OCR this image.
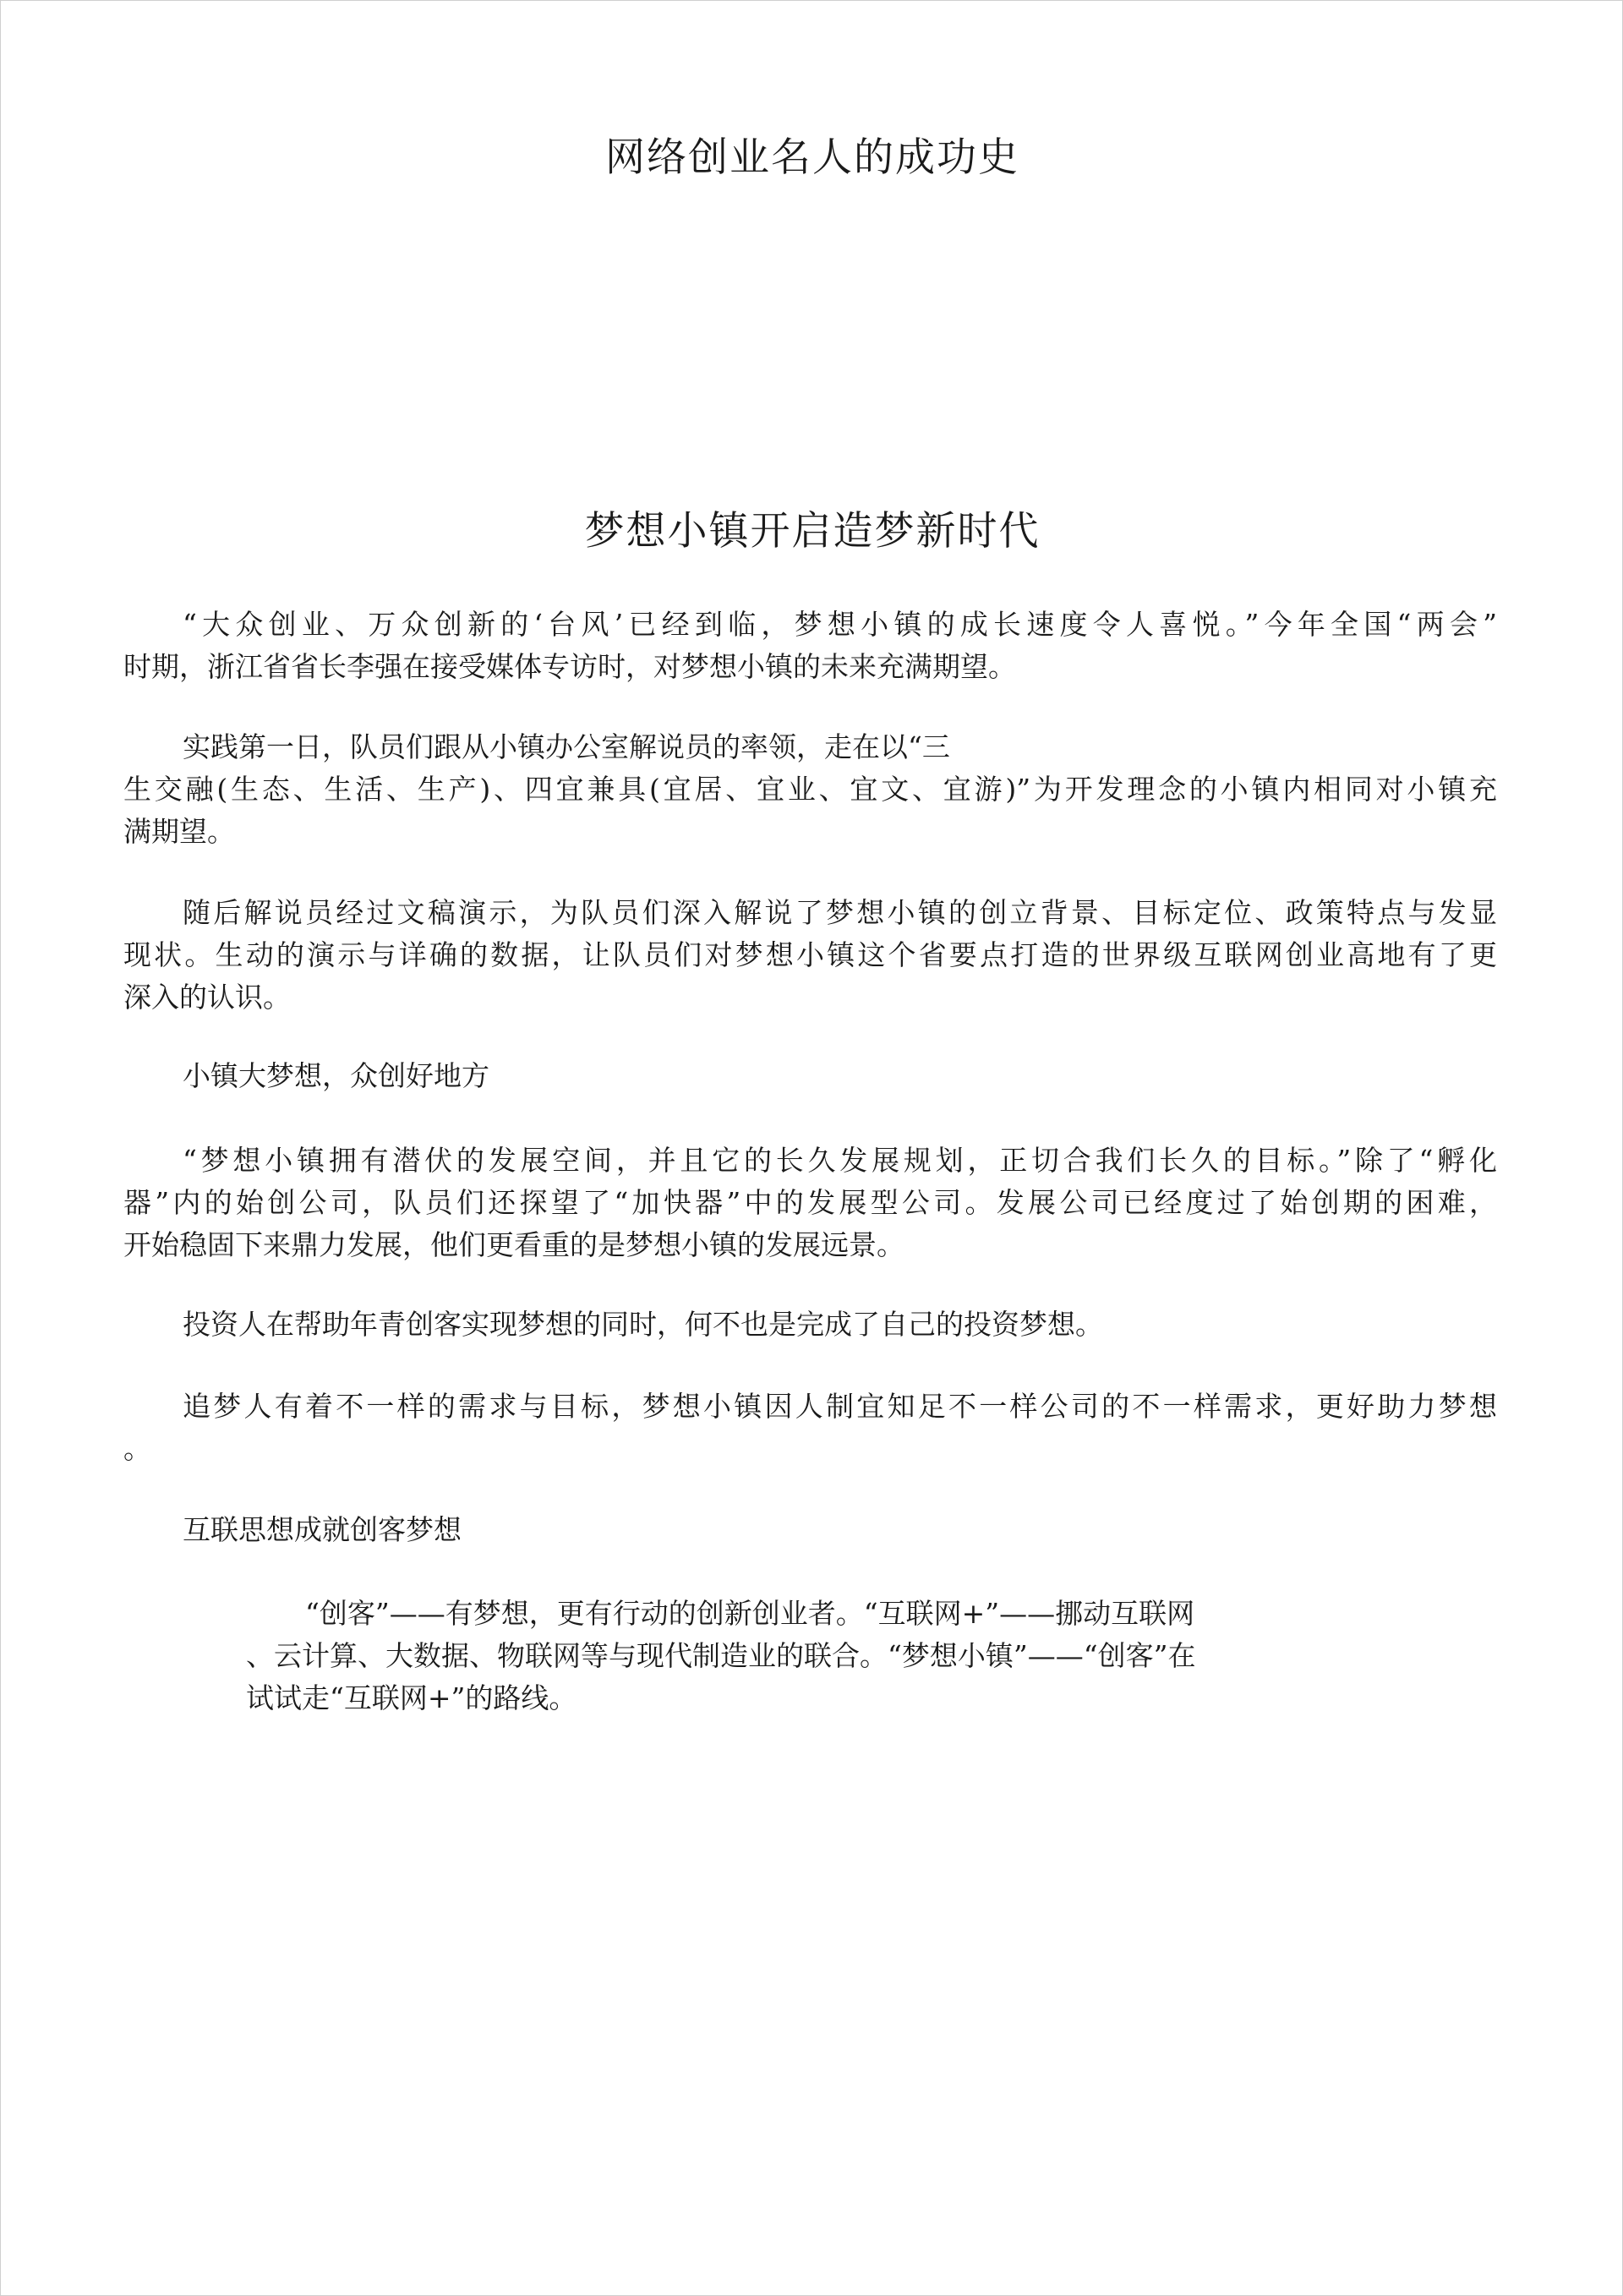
网络创业名人的成功史
梦想小镇开启造梦新时代
“大众创业、万众创新的‘台风’已经到临，梦想小镇的成长速度令人喜悦。”今年全国“两会”
时期，浙江省省长李强在接受媒体专访时，对梦想小镇的未来充满期望。
实践第一日，队员们跟从小镇办公室解说员的率领，走在以“三
生交融(生态、生活、生产)、四宜兼具(宜居、宜业、宜文、宜游)”为开发理念的小镇内相同对小镇充
满期望。
随后解说员经过文稿演示，为队员们深入解说了梦想小镇的创立背景、目标定位、政策特点与发显
现状。生动的演示与详确的数据，让队员们对梦想小镇这个省要点打造的世界级互联网创业高地有了更
深入的认识。
小镇大梦想，众创好地方
“梦想小镇拥有潜伏的发展空间，并且它的长久发展规划，正切合我们长久的目标。”除了“孵化
器”内的始创公司，队员们还探望了“加快器”中的发展型公司。发展公司已经度过了始创期的困难，
开始稳固下来鼎力发展，他们更看重的是梦想小镇的发展远景。
投资人在帮助年青创客实现梦想的同时，何不也是完成了自己的投资梦想。
追梦人有着不一样的需求与目标，梦想小镇因人制宜知足不一样公司的不一样需求，更好助力梦想
。
互联思想成就创客梦想
“创客”——有梦想，更有行动的创新创业者。“互联网+”——挪动互联网
、云计算、大数据、物联网等与现代制造业的联合。“梦想小镇”——“创客”在
试试走“互联网+”的路线。
